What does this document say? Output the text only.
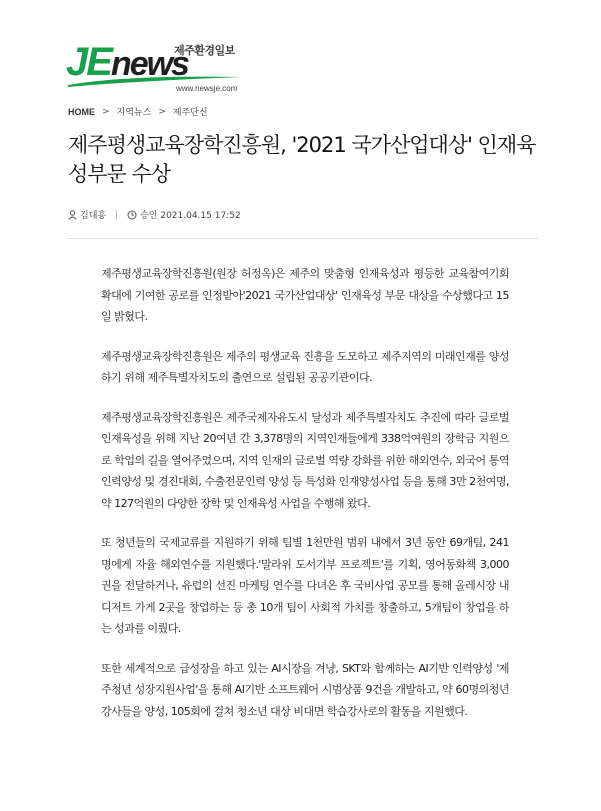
JEnews
제주환경일보
www.newsje.com
HOME > 지역뉴스 > 제주단신
제주평생교육장학진흥원, '2021 국가산업대상' 인재육성부문 수상
김대흥	승인 2021.04.15 17:52

제주평생교육장학진흥원(원장 허정옥)은 제주의 맞춤형 인재육성과 평등한 교육참여기회 확대에 기여한 공로를 인정받아'2021 국가산업대상' 인재육성 부문 대상을 수상했다고 15일 밝혔다.

제주평생교육장학진흥원은 제주의 평생교육 진흥을 도모하고 제주지역의 미래인재를 양성하기 위해 제주특별자치도의 출연으로 설립된 공공기관이다.

제주평생교육장학진흥원은 제주국제자유도시 달성과 제주특별자치도 추진에 따라 글로벌 인재육성을 위해 지난 20여년 간 3,378명의 지역인재들에게 338억여원의 장학금 지원으로 학업의 길을 열어주었으며, 지역 인재의 글로벌 역량 강화를 위한 해외연수, 외국어 통역 인력양성 및 경진대회, 수출전문인력 양성 등 특성화 인재양성사업 등을 통해 3만 2천여명, 약 127억원의 다양한 장학 및 인재육성 사업을 수행해 왔다.

또 청년들의 국제교류를 지원하기 위해 팀별 1천만원 범위 내에서 3년 동안 69개팀, 241명에게 자율 해외연수를 지원했다.'말라위 도서기부 프로젝트'를 기획, 영어동화책 3,000권을 전달하거나, 유럽의 선진 마케팅 연수를 다녀온 후 국비사업 공모를 통해 올레시장 내 디저트 가게 2곳을 창업하는 등 총 10개 팀이 사회적 가치를 창출하고, 5개팀이 창업을 하는 성과를 이뤘다.

또한 세계적으로 급성장을 하고 있는 AI시장을 겨냥, SKT와 함께하는 AI기반 인력양성 '제주청년 성장지원사업'을 통해 AI기반 소프트웨어 시범상품 9건을 개발하고, 약 60명의청년강사들을 양성, 105회에 걸쳐 청소년 대상 비대면 학습강사로의 활동을 지원했다.
